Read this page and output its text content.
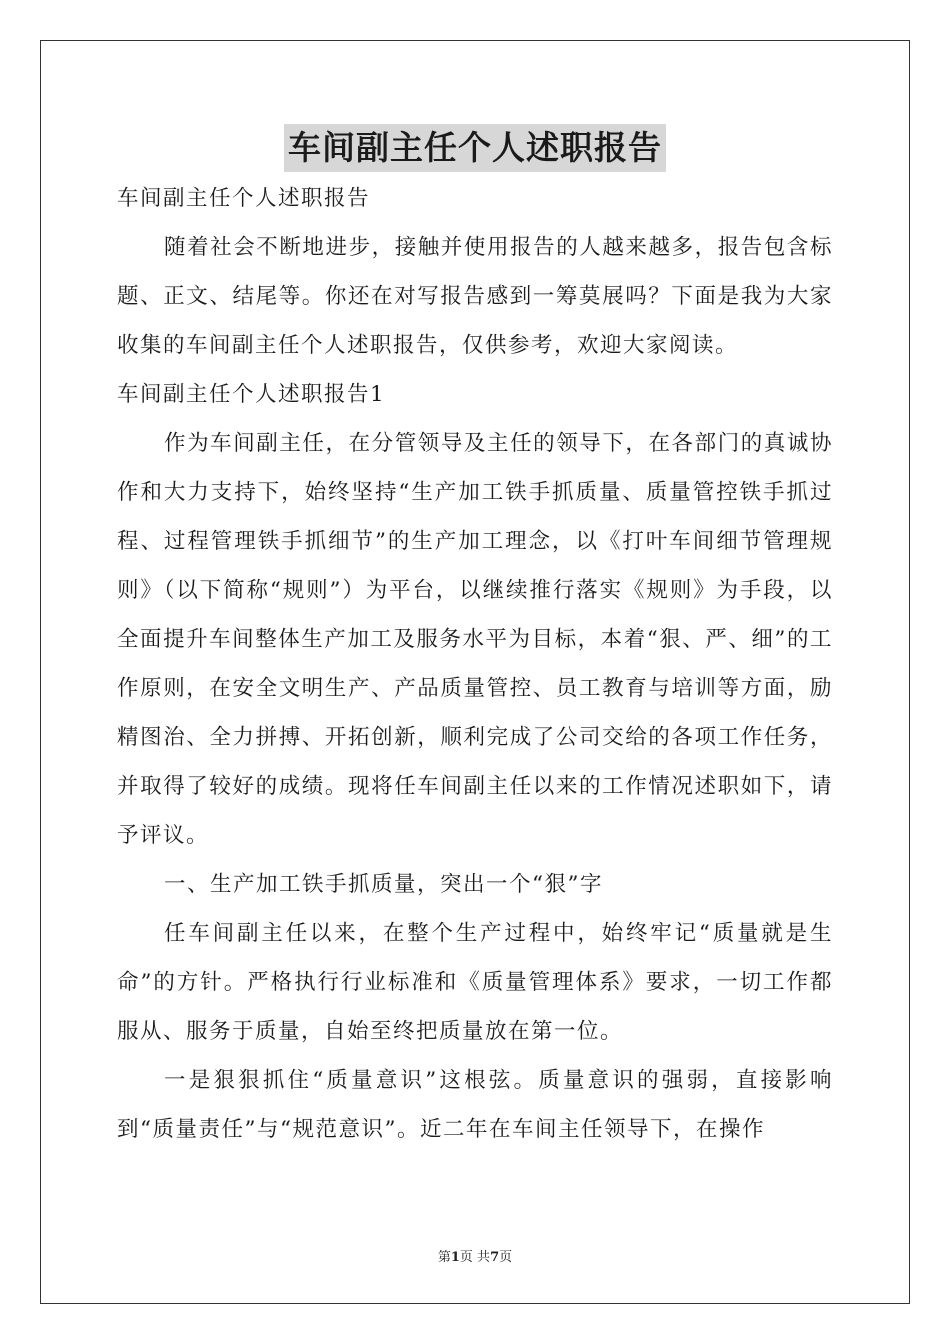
车间副主任个人述职报告

车间副主任个人述职报告

随着社会不断地进步，接触并使用报告的人越来越多，报告包含标题、正文、结尾等。你还在对写报告感到一筹莫展吗？下面是我为大家收集的车间副主任个人述职报告，仅供参考，欢迎大家阅读。

车间副主任个人述职报告1

作为车间副主任，在分管领导及主任的领导下，在各部门的真诚协作和大力支持下，始终坚持“生产加工铁手抓质量、质量管控铁手抓过程、过程管理铁手抓细节”的生产加工理念，以《打叶车间细节管理规则》（以下简称“规则”）为平台，以继续推行落实《规则》为手段，以全面提升车间整体生产加工及服务水平为目标，本着“狠、严、细”的工作原则，在安全文明生产、产品质量管控、员工教育与培训等方面，励精图治、全力拼搏、开拓创新，顺利完成了公司交给的各项工作任务，并取得了较好的成绩。现将任车间副主任以来的工作情况述职如下，请予评议。

一、生产加工铁手抓质量，突出一个“狠”字

任车间副主任以来，在整个生产过程中，始终牢记“质量就是生命”的方针。严格执行行业标准和《质量管理体系》要求，一切工作都服从、服务于质量，自始至终把质量放在第一位。

一是狠狠抓住“质量意识”这根弦。质量意识的强弱，直接影响到“质量责任”与“规范意识”。近二年在车间主任领导下，在操作

第1页 共7页
